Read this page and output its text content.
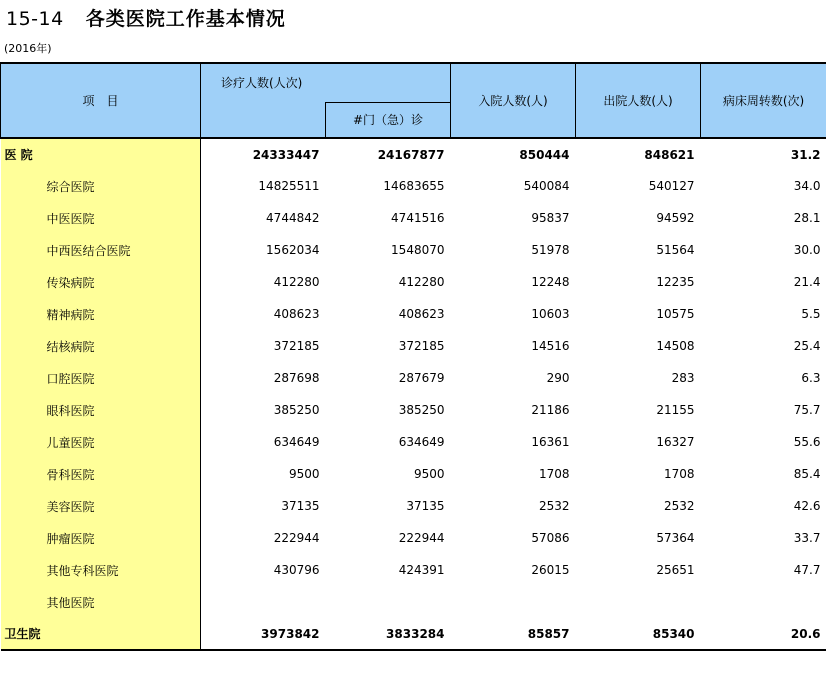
15-14 各类医院工作基本情况
(2016年)
项　目	诊疗人数(人次)		入院人数(人)	出院人数(人)	病床周转数(次)
		#门（急）诊			
医 院	24333447	24167877	850444	848621	31.2
综合医院	14825511	14683655	540084	540127	34.0
中医医院	4744842	4741516	95837	94592	28.1
中西医结合医院	1562034	1548070	51978	51564	30.0
传染病院	412280	412280	12248	12235	21.4
精神病院	408623	408623	10603	10575	5.5
结核病院	372185	372185	14516	14508	25.4
口腔医院	287698	287679	290	283	6.3
眼科医院	385250	385250	21186	21155	75.7
儿童医院	634649	634649	16361	16327	55.6
骨科医院	9500	9500	1708	1708	85.4
美容医院	37135	37135	2532	2532	42.6
肿瘤医院	222944	222944	57086	57364	33.7
其他专科医院	430796	424391	26015	25651	47.7
其他医院					
卫生院	3973842	3833284	85857	85340	20.6
